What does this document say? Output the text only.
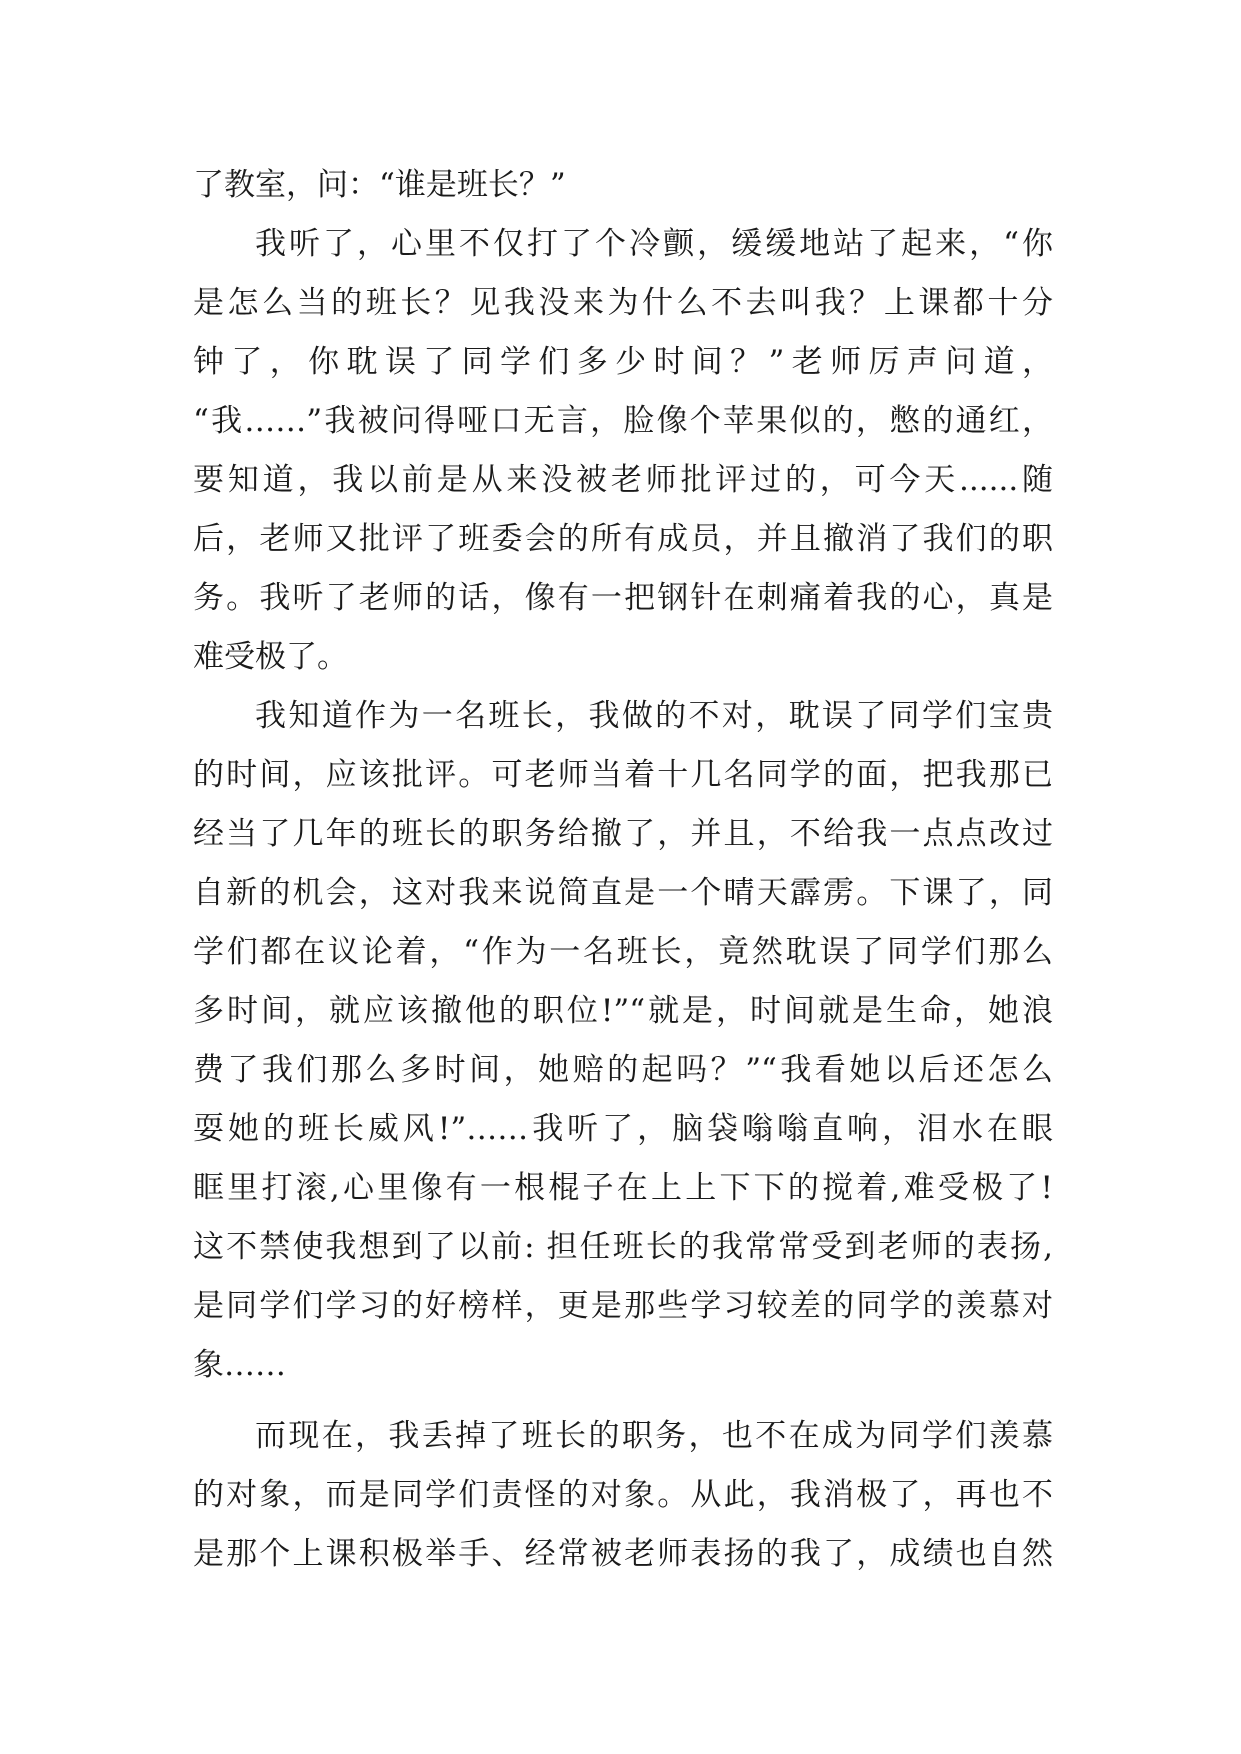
了教室，问：“谁是班长？”
我听了，心里不仅打了个冷颤，缓缓地站了起来，“你
是怎么当的班长？见我没来为什么不去叫我？上课都十分
钟了，你耽误了同学们多少时间？”老师厉声问道，
“我……”我被问得哑口无言，脸像个苹果似的，憋的通红，
要知道，我以前是从来没被老师批评过的，可今天......随
后，老师又批评了班委会的所有成员，并且撤消了我们的职
务。我听了老师的话，像有一把钢针在刺痛着我的心，真是
难受极了。
我知道作为一名班长，我做的不对，耽误了同学们宝贵
的时间，应该批评。可老师当着十几名同学的面，把我那已
经当了几年的班长的职务给撤了，并且，不给我一点点改过
自新的机会，这对我来说简直是一个晴天霹雳。下课了，同
学们都在议论着，“作为一名班长，竟然耽误了同学们那么
多时间，就应该撤他的职位!”“就是，时间就是生命，她浪
费了我们那么多时间，她赔的起吗？”“我看她以后还怎么
耍她的班长威风!”……我听了，脑袋嗡嗡直响，泪水在眼
眶里打滚,心里像有一根棍子在上上下下的搅着,难受极了!
这不禁使我想到了以前: 担任班长的我常常受到老师的表扬,
是同学们学习的好榜样，更是那些学习较差的同学的羡慕对
象……
而现在，我丢掉了班长的职务，也不在成为同学们羡慕
的对象，而是同学们责怪的对象。从此，我消极了，再也不
是那个上课积极举手、经常被老师表扬的我了，成绩也自然
